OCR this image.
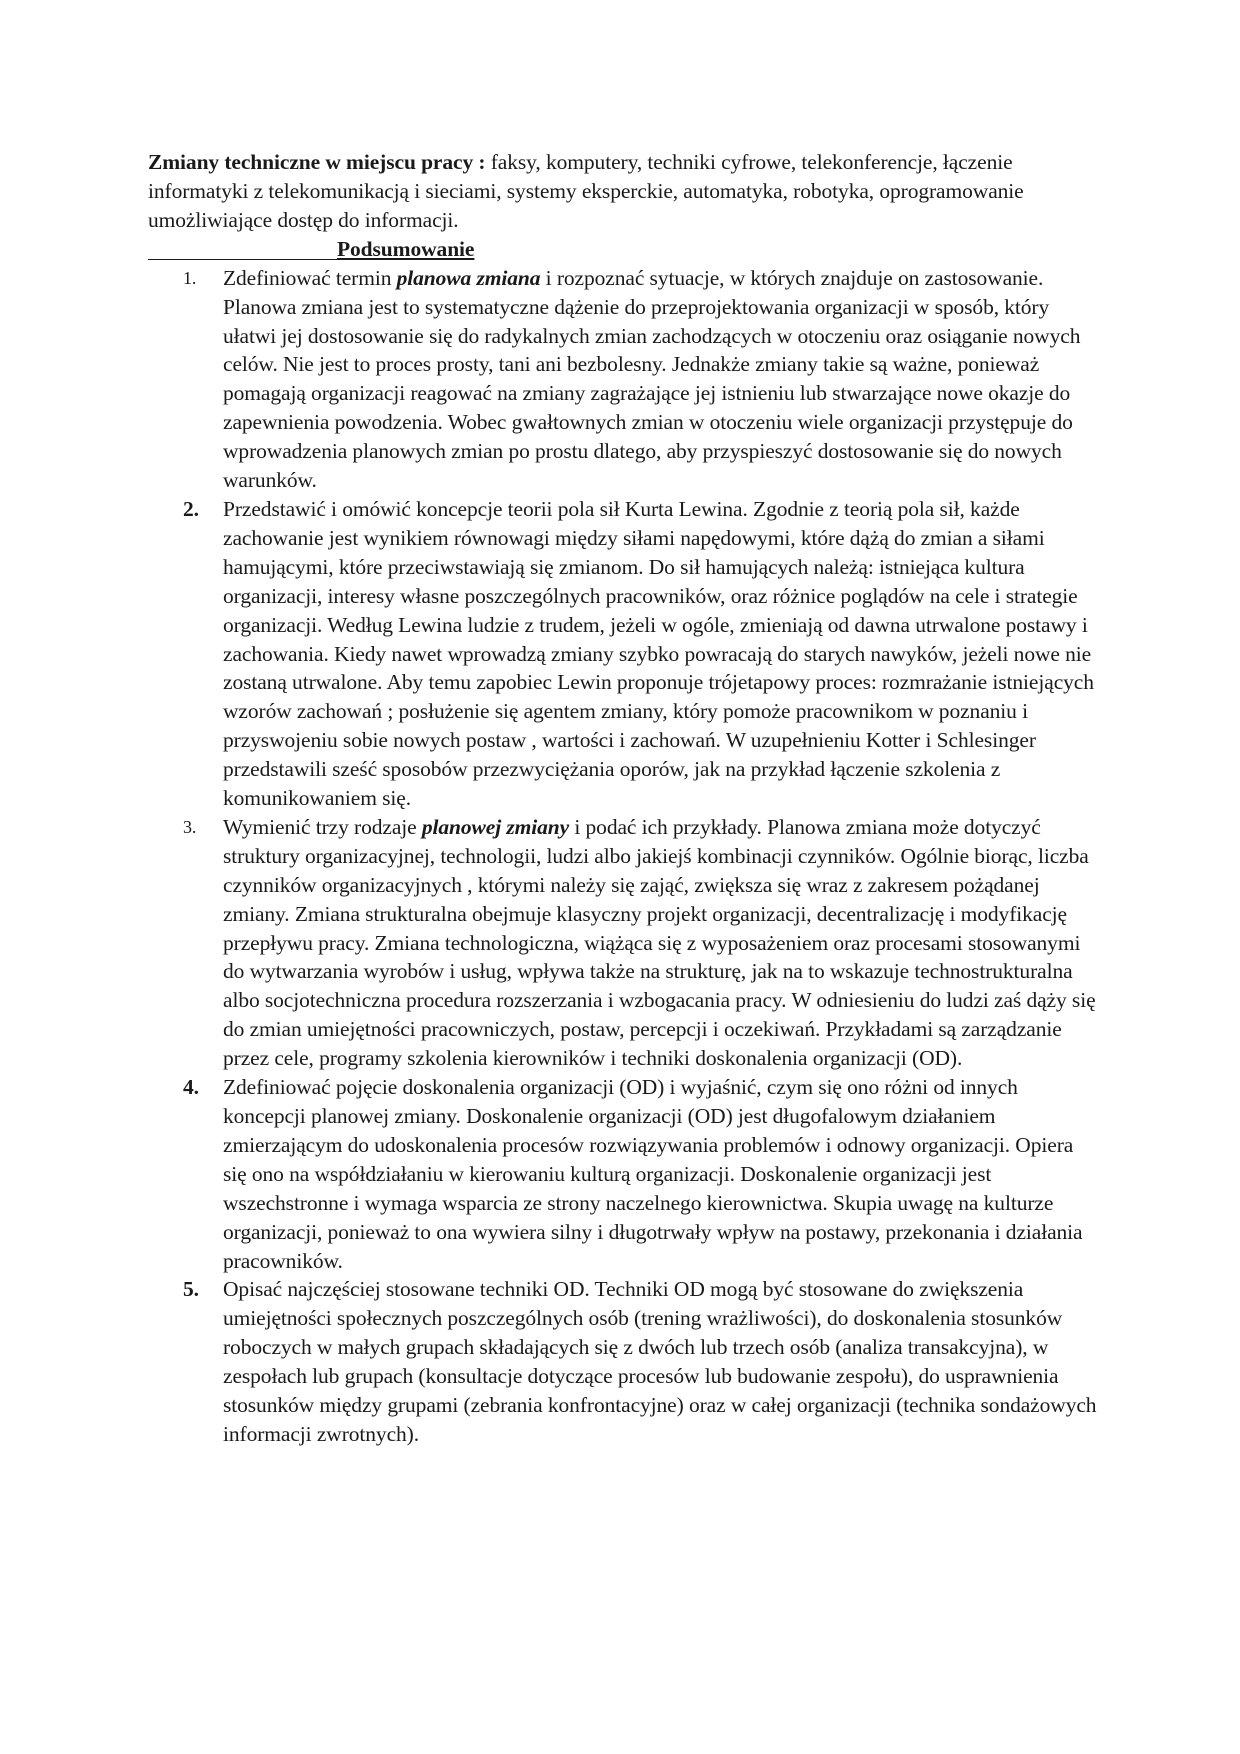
Zmiany techniczne w miejscu pracy : faksy, komputery, techniki cyfrowe, telekonferencje, łączenie informatyki z telekomunikacją i sieciami, systemy eksperckie, automatyka, robotyka, oprogramowanie umożliwiające dostęp do informacji.

Podsumowanie
1.	Zdefiniować termin planowa zmiana i rozpoznać sytuacje, w których znajduje on zastosowanie. Planowa zmiana jest to systematyczne dążenie do przeprojektowania organizacji w sposób, który ułatwi jej dostosowanie się do radykalnych zmian zachodzących w otoczeniu oraz osiąganie nowych celów. Nie jest to proces prosty, tani ani bezbolesny. Jednakże zmiany takie są ważne, ponieważ pomagają organizacji reagować na zmiany zagrażające jej istnieniu lub stwarzające nowe okazje do zapewnienia powodzenia. Wobec gwałtownych zmian w otoczeniu wiele organizacji przystępuje do wprowadzenia planowych zmian po prostu dlatego, aby przyspieszyć dostosowanie się do nowych warunków.
2.	Przedstawić i omówić koncepcje teorii pola sił Kurta Lewina. Zgodnie z teorią pola sił, każde zachowanie jest wynikiem równowagi między siłami napędowymi, które dążą do zmian a siłami hamującymi, które przeciwstawiają się zmianom. Do sił hamujących należą: istniejąca kultura organizacji, interesy własne poszczególnych pracowników, oraz różnice poglądów na cele i strategie organizacji. Według Lewina ludzie z trudem, jeżeli w ogóle, zmieniają od dawna utrwalone postawy i zachowania. Kiedy nawet wprowadzą zmiany szybko powracają do starych nawyków, jeżeli nowe nie zostaną utrwalone. Aby temu zapobiec Lewin proponuje trójetapowy proces: rozmrażanie istniejących wzorów zachowań ; posłużenie się agentem zmiany, który pomoże pracownikom w poznaniu i przyswojeniu sobie nowych postaw , wartości i zachowań. W uzupełnieniu Kotter i Schlesinger przedstawili sześć sposobów przezwyciężania oporów, jak na przykład łączenie szkolenia z komunikowaniem się.
3.	Wymienić trzy rodzaje planowej zmiany i podać ich przykłady. Planowa zmiana może dotyczyć struktury organizacyjnej, technologii, ludzi albo jakiejś kombinacji czynników. Ogólnie biorąc, liczba czynników organizacyjnych , którymi należy się zająć, zwiększa się wraz z zakresem pożądanej zmiany. Zmiana strukturalna obejmuje klasyczny projekt organizacji, decentralizację i modyfikację przepływu pracy. Zmiana technologiczna, wiążąca się z wyposażeniem oraz procesami stosowanymi do wytwarzania wyrobów i usług, wpływa także na strukturę, jak na to wskazuje technostrukturalna albo socjotechniczna procedura rozszerzania i wzbogacania pracy. W odniesieniu do ludzi zaś dąży się do zmian umiejętności pracowniczych, postaw, percepcji i oczekiwań. Przykładami są zarządzanie przez cele, programy szkolenia kierowników i techniki doskonalenia organizacji (OD).
4.	Zdefiniować pojęcie doskonalenia organizacji (OD) i wyjaśnić, czym się ono różni od innych koncepcji planowej zmiany. Doskonalenie organizacji (OD) jest długofalowym działaniem zmierzającym do udoskonalenia procesów rozwiązywania problemów i odnowy organizacji. Opiera się ono na współdziałaniu w kierowaniu kulturą organizacji. Doskonalenie organizacji jest wszechstronne i wymaga wsparcia ze strony naczelnego kierownictwa. Skupia uwagę na kulturze organizacji, ponieważ to ona wywiera silny i długotrwały wpływ na postawy, przekonania i działania pracowników.
5.	Opisać najczęściej stosowane techniki OD. Techniki OD mogą być stosowane do zwiększenia umiejętności społecznych poszczególnych osób (trening wrażliwości), do doskonalenia stosunków roboczych w małych grupach składających się z dwóch lub trzech osób (analiza transakcyjna), w zespołach lub grupach (konsultacje dotyczące procesów lub budowanie zespołu), do usprawnienia stosunków między grupami (zebrania konfrontacyjne) oraz w całej organizacji (technika sondażowych informacji zwrotnych).
